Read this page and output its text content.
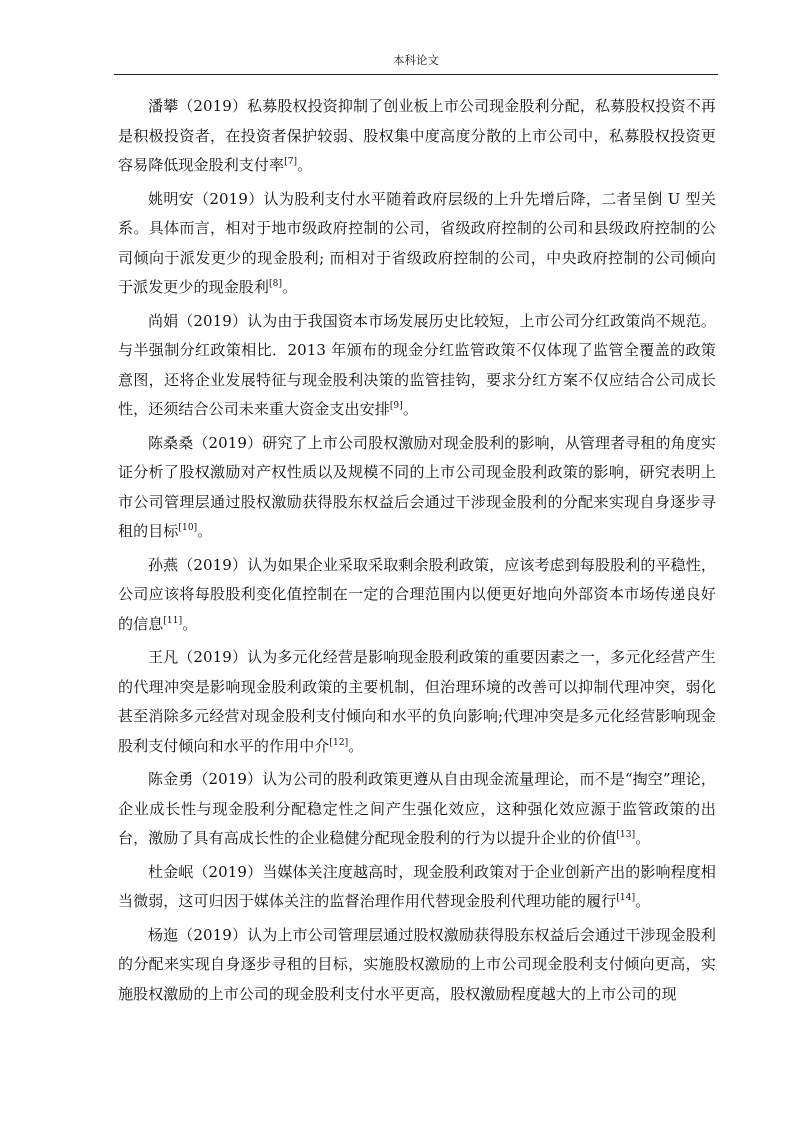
本科论文

潘攀（2019）私募股权投资抑制了创业板上市公司现金股利分配，私募股权投资不再是积极投资者，在投资者保护较弱、股权集中度高度分散的上市公司中，私募股权投资更容易降低现金股利支付率[7]。

姚明安（2019）认为股利支付水平随着政府层级的上升先增后降，二者呈倒 U 型关系。具体而言，相对于地市级政府控制的公司，省级政府控制的公司和县级政府控制的公司倾向于派发更少的现金股利; 而相对于省级政府控制的公司，中央政府控制的公司倾向于派发更少的现金股利[8]。

尚娟（2019）认为由于我国资本市场发展历史比较短，上市公司分红政策尚不规范。与半强制分红政策相比．2013 年颁布的现金分红监管政策不仅体现了监管全覆盖的政策意图，还将企业发展特征与现金股利决策的监管挂钩，要求分红方案不仅应结合公司成长性，还须结合公司未来重大资金支出安排[9]。

陈桑桑（2019）研究了上市公司股权激励对现金股利的影响，从管理者寻租的角度实证分析了股权激励对产权性质以及规模不同的上市公司现金股利政策的影响，研究表明上市公司管理层通过股权激励获得股东权益后会通过干涉现金股利的分配来实现自身逐步寻租的目标[10]。

孙燕（2019）认为如果企业采取采取剩余股利政策，应该考虑到每股股利的平稳性，公司应该将每股股利变化值控制在一定的合理范围内以便更好地向外部资本市场传递良好的信息[11]。

王凡（2019）认为多元化经营是影响现金股利政策的重要因素之一，多元化经营产生的代理冲突是影响现金股利政策的主要机制，但治理环境的改善可以抑制代理冲突，弱化甚至消除多元经营对现金股利支付倾向和水平的负向影响;代理冲突是多元化经营影响现金股利支付倾向和水平的作用中介[12]。

陈金勇（2019）认为公司的股利政策更遵从自由现金流量理论，而不是“掏空”理论，企业成长性与现金股利分配稳定性之间产生强化效应，这种强化效应源于监管政策的出台，激励了具有高成长性的企业稳健分配现金股利的行为以提升企业的价值[13]。

杜金岷（2019）当媒体关注度越高时，现金股利政策对于企业创新产出的影响程度相当微弱，这可归因于媒体关注的监督治理作用代替现金股利代理功能的履行[14]。

杨迤（2019）认为上市公司管理层通过股权激励获得股东权益后会通过干涉现金股利的分配来实现自身逐步寻租的目标，实施股权激励的上市公司现金股利支付倾向更高，实施股权激励的上市公司的现金股利支付水平更高，股权激励程度越大的上市公司的现
